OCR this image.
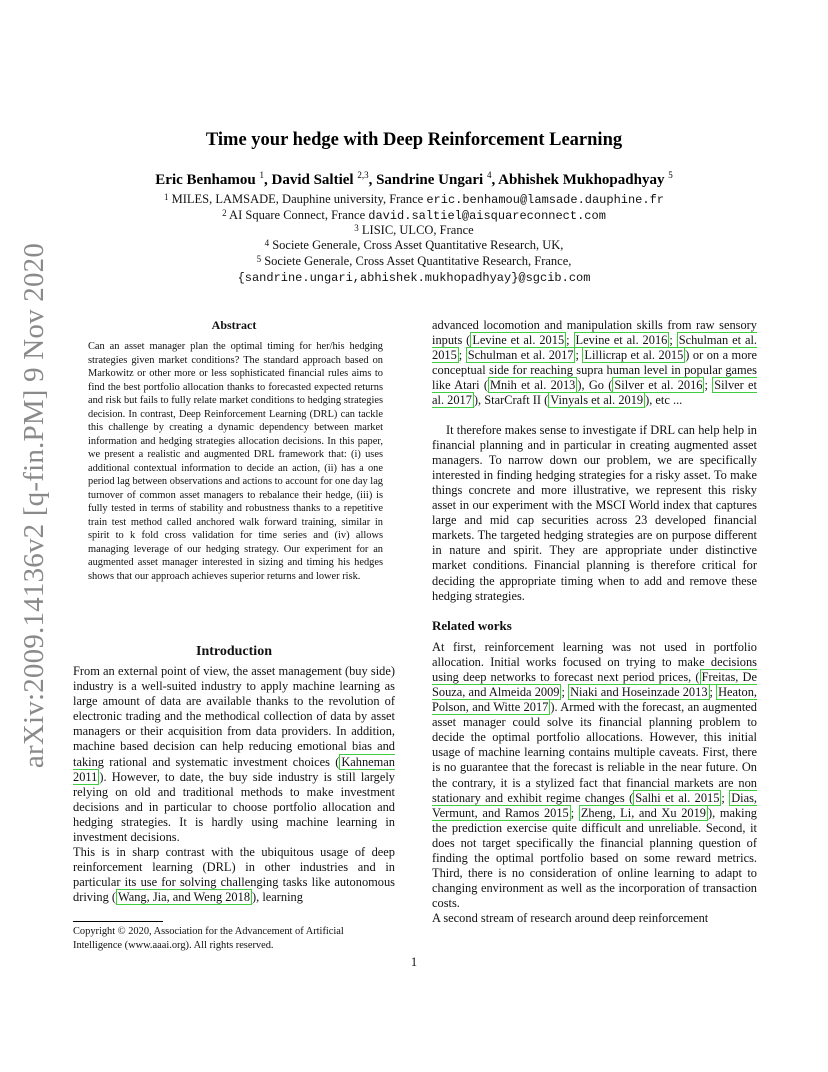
arXiv:2009.14136v2 [q-fin.PM] 9 Nov 2020
Time your hedge with Deep Reinforcement Learning
Eric Benhamou $^1$, David Saltiel $^{2,3}$, Sandrine Ungari $^4$, Abhishek Mukhopadhyay $^5$
$^1$ MILES, LAMSADE, Dauphine university, France eric.benhamou@lamsade.dauphine.fr
$^2$ AI Square Connect, France david.saltiel@aisquareconnect.com
$^3$ LISIC, ULCO, France
$^4$ Societe Generale, Cross Asset Quantitative Research, UK,
$^5$ Societe Generale, Cross Asset Quantitative Research, France,
{sandrine.ungari,abhishek.mukhopadhyay}@sgcib.com
Abstract
Can an asset manager plan the optimal timing for her/his hedging strategies given market conditions? The standard approach based on Markowitz or other more or less sophisticated financial rules aims to find the best portfolio allocation thanks to forecasted expected returns and risk but fails to fully relate market conditions to hedging strategies decision. In contrast, Deep Reinforcement Learning (DRL) can tackle this challenge by creating a dynamic dependency between market information and hedging strategies allocation decisions. In this paper, we present a realistic and augmented DRL framework that: (i) uses additional contextual information to decide an action, (ii) has a one period lag between observations and actions to account for one day lag turnover of common asset managers to rebalance their hedge, (iii) is fully tested in terms of stability and robustness thanks to a repetitive train test method called anchored walk forward training, similar in spirit to k fold cross validation for time series and (iv) allows managing leverage of our hedging strategy. Our experiment for an augmented asset manager interested in sizing and timing his hedges shows that our approach achieves superior returns and lower risk.
Introduction

From an external point of view, the asset management (buy side) industry is a well-suited industry to apply machine learning as large amount of data are available thanks to the revolution of electronic trading and the methodical collection of data by asset managers or their acquisition from data providers. In addition, machine based decision can help reducing emotional bias and taking rational and systematic investment choices ( Kahneman 2011 ). However, to date, the buy side industry is still largely relying on old and traditional methods to make investment decisions and in particular to choose portfolio allocation and hedging strategies. It is hardly using machine learning in investment decisions.

This is in sharp contrast with the ubiquitous usage of deep reinforcement learning (DRL) in other industries and in particular its use for solving challenging tasks like autonomous driving ( Wang, Jia, and Weng 2018 ), learning

advanced locomotion and manipulation skills from raw sensory inputs ( Levine et al. 2015 ; Levine et al. 2016 ; Schulman et al. 2015 ; Schulman et al. 2017 ; Lillicrap et al. 2015 ) or on a more conceptual side for reaching supra human level in popular games like Atari ( Mnih et al. 2013 ), Go ( Silver et al. 2016 ; Silver et al. 2017 ), StarCraft II ( Vinyals et al. 2019 ), etc ...

It therefore makes sense to investigate if DRL can help help in financial planning and in particular in creating augmented asset managers. To narrow down our problem, we are specifically interested in finding hedging strategies for a risky asset. To make things concrete and more illustrative, we represent this risky asset in our experiment with the MSCI World index that captures large and mid cap securities across 23 developed financial markets. The targeted hedging strategies are on purpose different in nature and spirit. They are appropriate under distinctive market conditions. Financial planning is therefore critical for deciding the appropriate timing when to add and remove these hedging strategies.
Related works

At first, reinforcement learning was not used in portfolio allocation. Initial works focused on trying to make decisions using deep networks to forecast next period prices, ( Freitas, De Souza, and Almeida 2009 ; Niaki and Hoseinzade 2013 ; Heaton, Polson, and Witte 2017 ). Armed with the forecast, an augmented asset manager could solve its financial planning problem to decide the optimal portfolio allocations. However, this initial usage of machine learning contains multiple caveats. First, there is no guarantee that the forecast is reliable in the near future. On the contrary, it is a stylized fact that financial markets are non stationary and exhibit regime changes ( Salhi et al. 2015 ; Dias, Vermunt, and Ramos 2015 ; Zheng, Li, and Xu 2019 ), making the prediction exercise quite difficult and unreliable. Second, it does not target specifically the financial planning question of finding the optimal portfolio based on some reward metrics. Third, there is no consideration of online learning to adapt to changing environment as well as the incorporation of transaction costs.

A second stream of research around deep reinforcement

Copyright © 2020, Association for the Advancement of Artificial Intelligence (www.aaai.org). All rights reserved.
1
